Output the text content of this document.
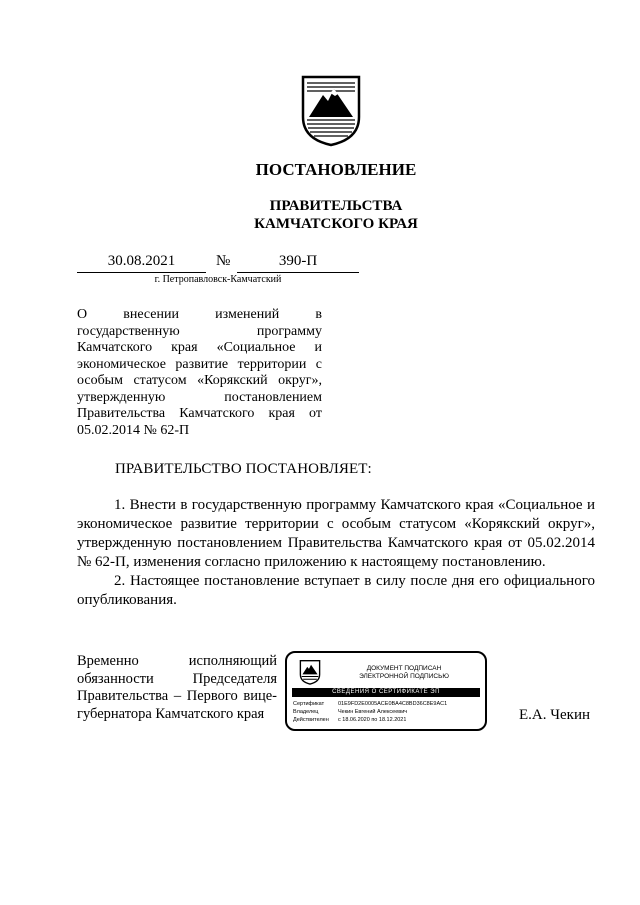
ПОСТАНОВЛЕНИЕ
ПРАВИТЕЛЬСТВА
КАМЧАТСКОГО КРАЯ
30.08.2021	№	390-П
г. Петропавловск-Камчатский
О внесении изменений в государственную программу Камчатского края «Социальное и экономическое развитие территории с особым статусом «Корякский округ», утвержденную постановлением Правительства Камчатского края от 05.02.2014 № 62-П
ПРАВИТЕЛЬСТВО ПОСТАНОВЛЯЕТ:

1. Внести в государственную программу Камчатского края «Социальное и экономическое развитие территории с особым статусом «Корякский округ», утвержденную постановлением Правительства Камчатского края от 05.02.2014 № 62-П, изменения согласно приложению к настоящему постановлению.

2. Настоящее постановление вступает в силу после дня его официального опубликования.

Временно исполняющий
обязанности Председателя
Правительства – Первого вице-
губернатора Камчатского края
ДОКУМЕНТ ПОДПИСАН
ЭЛЕКТРОННОЙ ПОДПИСЬЮ
СВЕДЕНИЯ О СЕРТИФИКАТЕ ЭП
Сертификат	01E9FD2E0005ACE0BA4C8BD36C8E9AC1
Владелец	Чекин Евгений Алексеевич
Действителен	с 18.06.2020 по 18.12.2021	Е.А. Чекин
